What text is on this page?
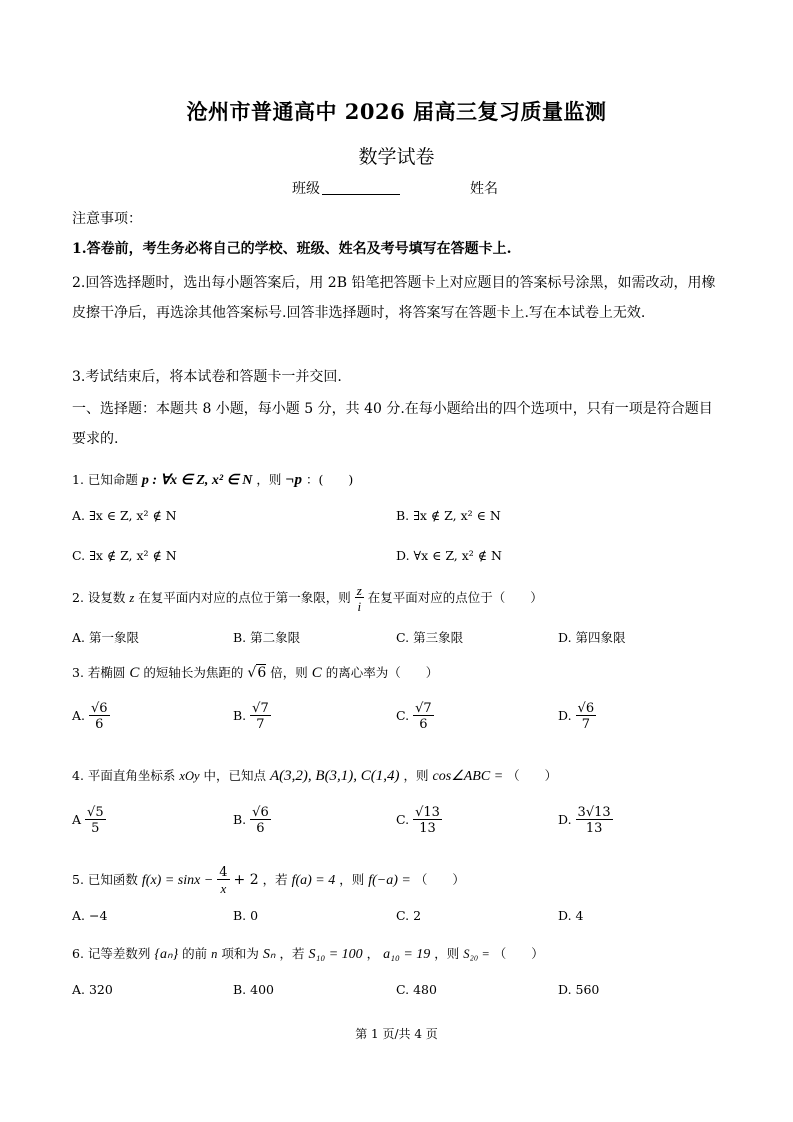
沧州市普通高中 2026 届高三复习质量监测
数学试卷
班级	姓名
注意事项：
1.答卷前，考生务必将自己的学校、班级、姓名及考号填写在答题卡上.
2.回答选择题时，选出每小题答案后，用 2B 铅笔把答题卡上对应题目的答案标号涂黑，如需改动，用橡皮擦干净后，再选涂其他答案标号.回答非选择题时，将答案写在答题卡上.写在本试卷上无效.
3.考试结束后，将本试卷和答题卡一并交回.
一、选择题：本题共 8 小题，每小题 5 分，共 40 分.在每小题给出的四个选项中，只有一项是符合题目要求的.
1. 已知命题 p : ∀x ∈ Z, x² ∈ N ，则 ¬p ：(　　)
A. ∃x ∈ Z, x² ∉ N	B. ∃x ∉ Z, x² ∈ N
C. ∃x ∉ Z, x² ∉ N	D. ∀x ∈ Z, x² ∉ N
2. 设复数 z 在复平面内对应的点位于第一象限，则 $\frac{z}{i}$ 在复平面对应的点位于（　　）
A. 第一象限	B. 第二象限	C. 第三象限	D. 第四象限
3. 若椭圆 C 的短轴长为焦距的 √6 倍，则 C 的离心率为（　　）
A. $\frac{√6}{6}$	B. $\frac{√7}{7}$	C. $\frac{√7}{6}$	D. $\frac{√6}{7}$
4. 平面直角坐标系 xOy 中，已知点 A(3,2), B(3,1), C(1,4) ，则 cos∠ABC = （　　）
A $\frac{√5}{5}$	B. $\frac{√6}{6}$	C. $\frac{√13}{13}$	D. $\frac{3√13}{13}$
5. 已知函数 $f(x) = \sin x - \frac{4}{x} + 2$ ，若 f(a) = 4 ，则 f(−a) = （　　）
A. −4	B. 0	C. 2	D. 4
6. 记等差数列 {aₙ} 的前 n 项和为 Sₙ ，若 S₁₀ = 100 ， a₁₀ = 19 ，则 S₂₀ = （　　）
A. 320	B. 400	C. 480	D. 560
第 1 页/共 4 页
